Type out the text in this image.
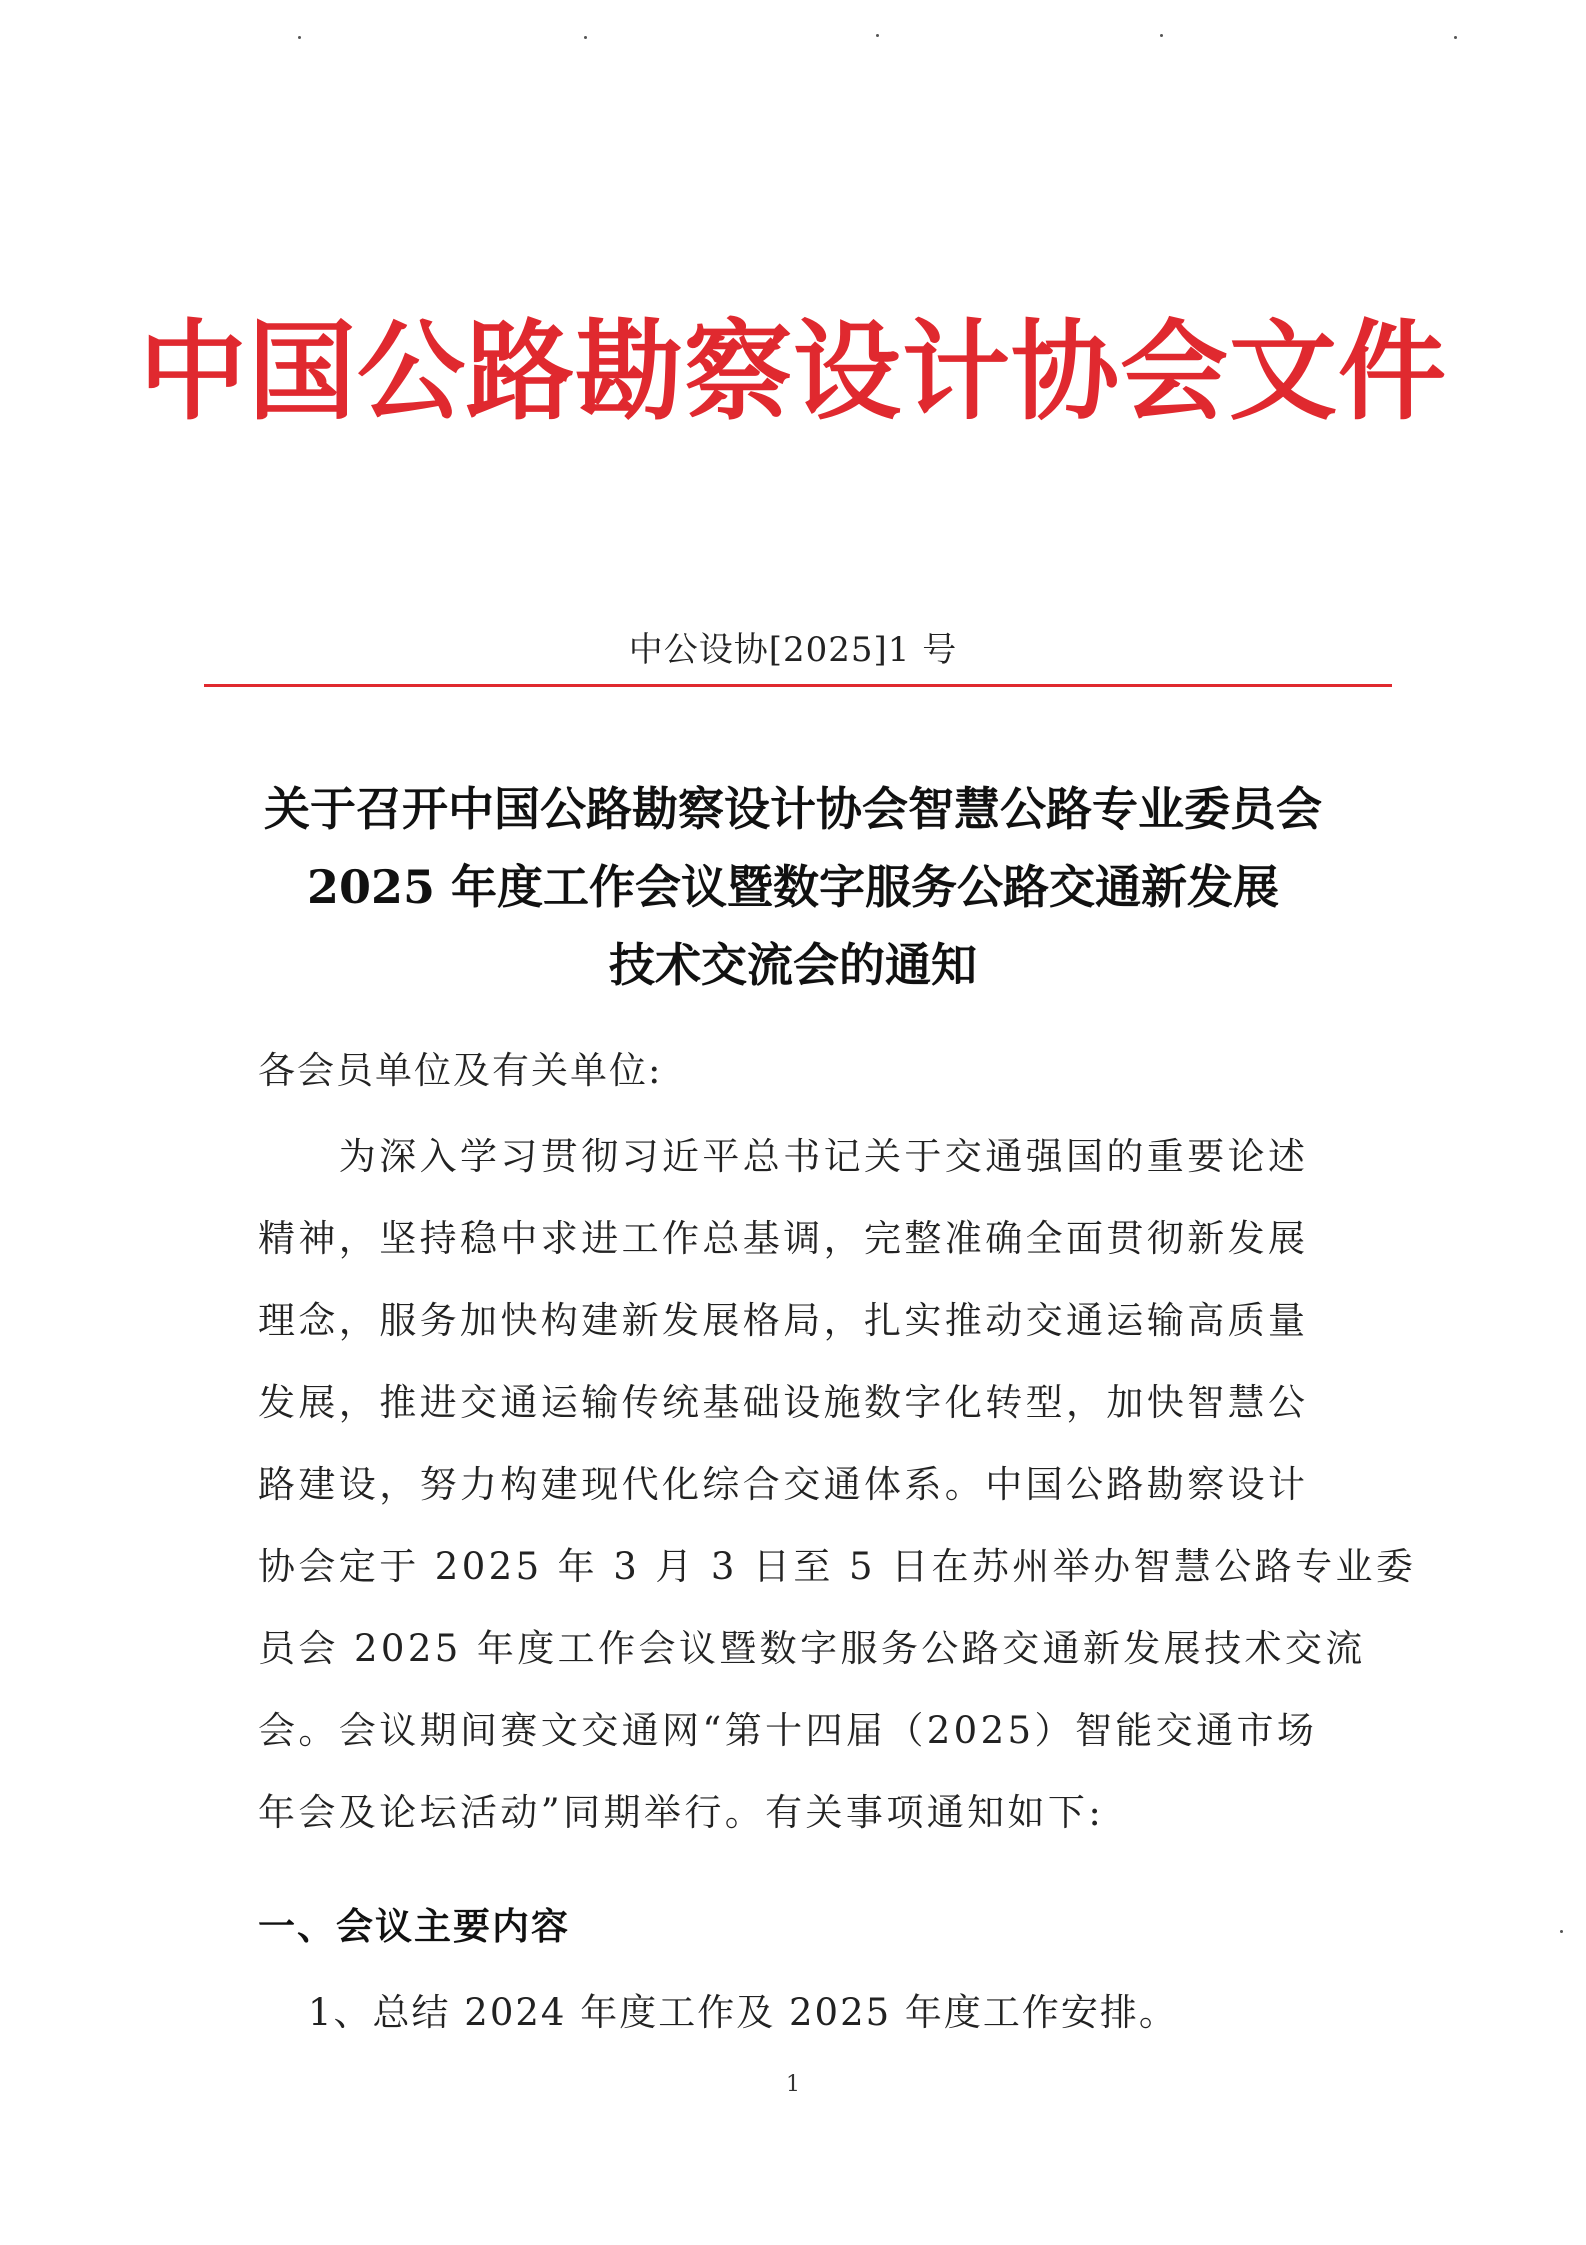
中国公路勘察设计协会文件
中公设协[2025]1 号
关于召开中国公路勘察设计协会智慧公路专业委员会
2025 年度工作会议暨数字服务公路交通新发展
技术交流会的通知
各会员单位及有关单位:
　　为深入学习贯彻习近平总书记关于交通强国的重要论述
精神，坚持稳中求进工作总基调，完整准确全面贯彻新发展
理念，服务加快构建新发展格局，扎实推动交通运输高质量
发展，推进交通运输传统基础设施数字化转型，加快智慧公
路建设，努力构建现代化综合交通体系。中国公路勘察设计
协会定于 2025 年 3 月 3 日至 5 日在苏州举办智慧公路专业委
员会 2025 年度工作会议暨数字服务公路交通新发展技术交流
会。会议期间赛文交通网“第十四届（2025）智能交通市场
年会及论坛活动”同期举行。有关事项通知如下:
一、会议主要内容
1、总结 2024 年度工作及 2025 年度工作安排。
1
